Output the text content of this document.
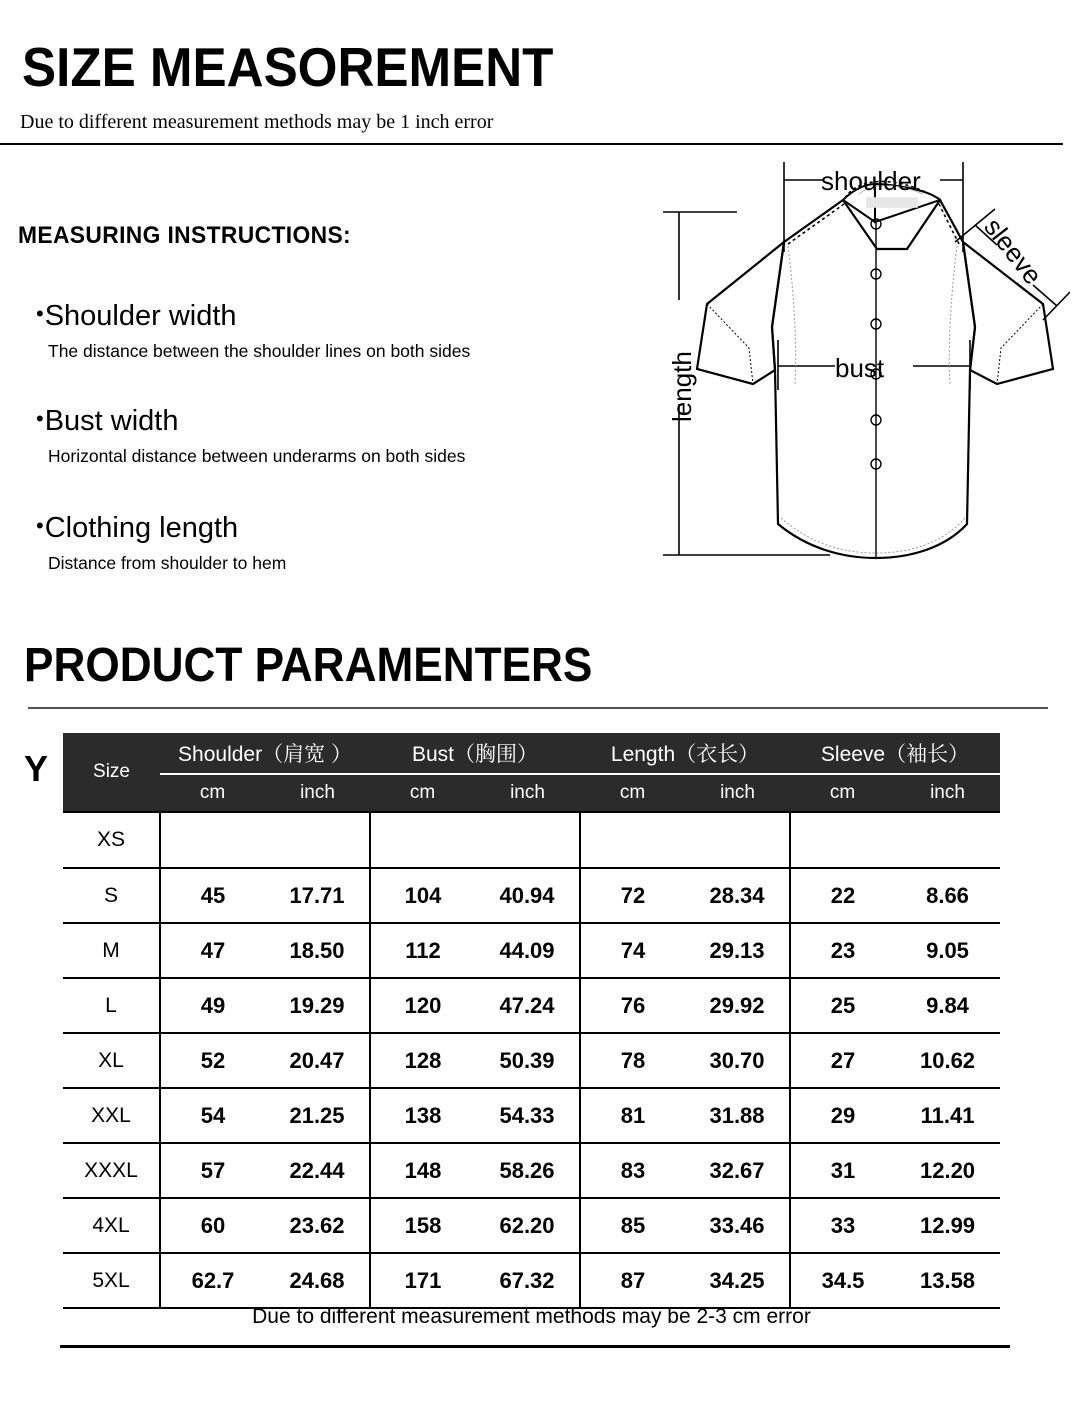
SIZE MEASOREMENT
Due to different measurement methods may be 1 inch error
MEASURING INSTRUCTIONS:
•Shoulder width
The distance between the shoulder lines on both sides
•Bust width
Horizontal distance between underarms on both sides
•Clothing length
Distance from shoulder to hem
shoulder
bust
length
sleeve
PRODUCT PARAMENTERS
Y Size	Shoulder（肩宽 ）		Bust（胸围）		Length（衣长）		Sleeve（袖长）	
	cm	inch	cm	inch	cm	inch	cm	inch
XS								
S	45	17.71	104	40.94	72	28.34	22	8.66
M	47	18.50	112	44.09	74	29.13	23	9.05
L	49	19.29	120	47.24	76	29.92	25	9.84
XL	52	20.47	128	50.39	78	30.70	27	10.62
XXL	54	21.25	138	54.33	81	31.88	29	11.41
XXXL	57	22.44	148	58.26	83	32.67	31	12.20
4XL	60	23.62	158	62.20	85	33.46	33	12.99
5XL	62.7	24.68	171	67.32	87	34.25	34.5	13.58
Due to different measurement methods may be 2-3 cm error
